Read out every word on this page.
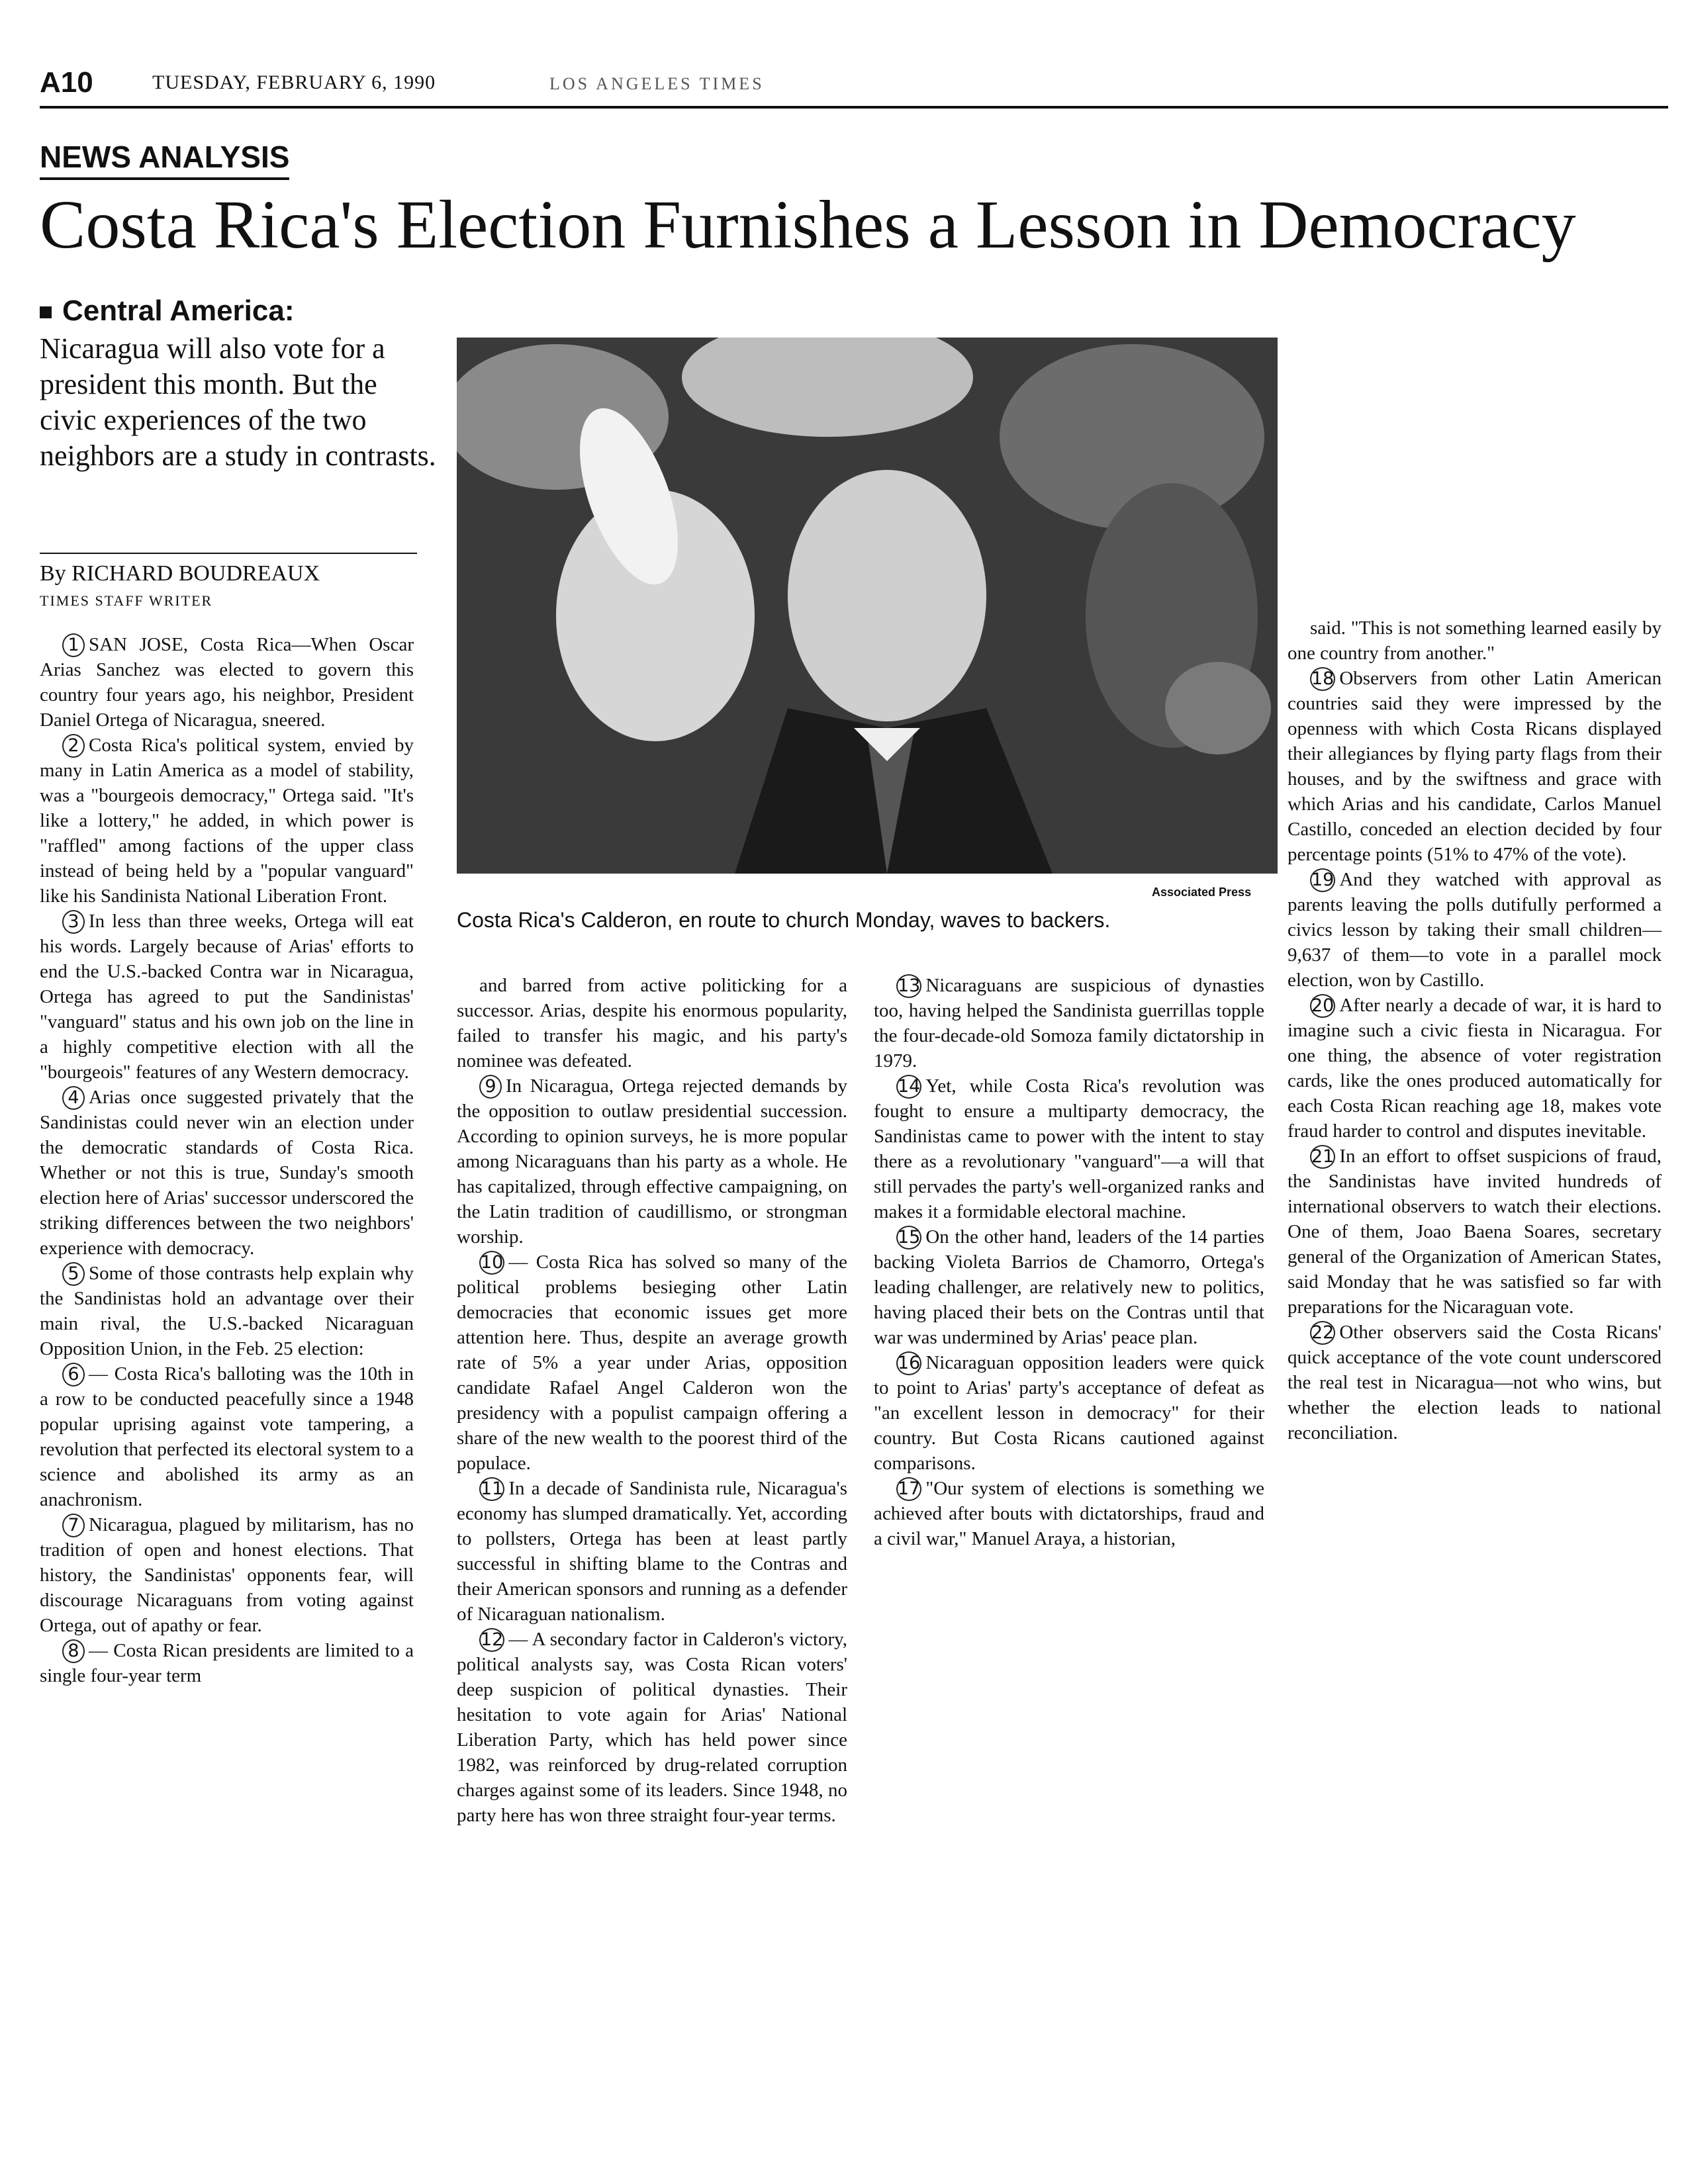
A10	TUESDAY, FEBRUARY 6, 1990	LOS ANGELES TIMES
NEWS ANALYSIS
Costa Rica's Election Furnishes a Lesson in Democracy
Central America:
Nicaragua will also vote for a president this month. But the civic experiences of the two neighbors are a study in contrasts.
By RICHARD BOUDREAUX
TIMES STAFF WRITER
Associated Press
Costa Rica's Calderon, en route to church Monday, waves to backers.

1 SAN JOSE, Costa Rica—When Oscar Arias Sanchez was elected to govern this country four years ago, his neighbor, President Daniel Ortega of Nicaragua, sneered.

2 Costa Rica's political system, envied by many in Latin America as a model of stability, was a "bourgeois democracy," Ortega said. "It's like a lottery," he added, in which power is "raffled" among factions of the upper class instead of being held by a "popular vanguard" like his Sandinista National Liberation Front.

3 In less than three weeks, Ortega will eat his words. Largely because of Arias' efforts to end the U.S.-backed Contra war in Nicaragua, Ortega has agreed to put the Sandinistas' "vanguard" status and his own job on the line in a highly competitive election with all the "bourgeois" features of any Western democracy.

4 Arias once suggested privately that the Sandinistas could never win an election under the democratic standards of Costa Rica. Whether or not this is true, Sunday's smooth election here of Arias' successor underscored the striking differences between the two neighbors' experience with democracy.

5 Some of those contrasts help explain why the Sandinistas hold an advantage over their main rival, the U.S.-backed Nicaraguan Opposition Union, in the Feb. 25 election:

6 — Costa Rica's balloting was the 10th in a row to be conducted peacefully since a 1948 popular uprising against vote tampering, a revolution that perfected its electoral system to a science and abolished its army as an anachronism.

7 Nicaragua, plagued by militarism, has no tradition of open and honest elections. That history, the Sandinistas' opponents fear, will discourage Nicaraguans from voting against Ortega, out of apathy or fear.

8 — Costa Rican presidents are limited to a single four-year term

and barred from active politicking for a successor. Arias, despite his enormous popularity, failed to transfer his magic, and his party's nominee was defeated.

9 In Nicaragua, Ortega rejected demands by the opposition to outlaw presidential succession. According to opinion surveys, he is more popular among Nicaraguans than his party as a whole. He has capitalized, through effective campaigning, on the Latin tradition of caudillismo, or strongman worship.

10 — Costa Rica has solved so many of the political problems besieging other Latin democracies that economic issues get more attention here. Thus, despite an average growth rate of 5% a year under Arias, opposition candidate Rafael Angel Calderon won the presidency with a populist campaign offering a share of the new wealth to the poorest third of the populace.

11 In a decade of Sandinista rule, Nicaragua's economy has slumped dramatically. Yet, according to pollsters, Ortega has been at least partly successful in shifting blame to the Contras and their American sponsors and running as a defender of Nicaraguan nationalism.

12 — A secondary factor in Calderon's victory, political analysts say, was Costa Rican voters' deep suspicion of political dynasties. Their hesitation to vote again for Arias' National Liberation Party, which has held power since 1982, was reinforced by drug-related corruption charges against some of its leaders. Since 1948, no party here has won three straight four-year terms.

13 Nicaraguans are suspicious of dynasties too, having helped the Sandinista guerrillas topple the four-decade-old Somoza family dictatorship in 1979.

14 Yet, while Costa Rica's revolution was fought to ensure a multiparty democracy, the Sandinistas came to power with the intent to stay there as a revolutionary "vanguard"—a will that still pervades the party's well-organized ranks and makes it a formidable electoral machine.

15 On the other hand, leaders of the 14 parties backing Violeta Barrios de Chamorro, Ortega's leading challenger, are relatively new to politics, having placed their bets on the Contras until that war was undermined by Arias' peace plan.

16 Nicaraguan opposition leaders were quick to point to Arias' party's acceptance of defeat as "an excellent lesson in democracy" for their country. But Costa Ricans cautioned against comparisons.

17 "Our system of elections is something we achieved after bouts with dictatorships, fraud and a civil war," Manuel Araya, a historian,

said. "This is not something learned easily by one country from another."

18 Observers from other Latin American countries said they were impressed by the openness with which Costa Ricans displayed their allegiances by flying party flags from their houses, and by the swiftness and grace with which Arias and his candidate, Carlos Manuel Castillo, conceded an election decided by four percentage points (51% to 47% of the vote).

19 And they watched with approval as parents leaving the polls dutifully performed a civics lesson by taking their small children—9,637 of them—to vote in a parallel mock election, won by Castillo.

20 After nearly a decade of war, it is hard to imagine such a civic fiesta in Nicaragua. For one thing, the absence of voter registration cards, like the ones produced automatically for each Costa Rican reaching age 18, makes vote fraud harder to control and disputes inevitable.

21 In an effort to offset suspicions of fraud, the Sandinistas have invited hundreds of international observers to watch their elections. One of them, Joao Baena Soares, secretary general of the Organization of American States, said Monday that he was satisfied so far with preparations for the Nicaraguan vote.

22 Other observers said the Costa Ricans' quick acceptance of the vote count underscored the real test in Nicaragua—not who wins, but whether the election leads to national reconciliation.
